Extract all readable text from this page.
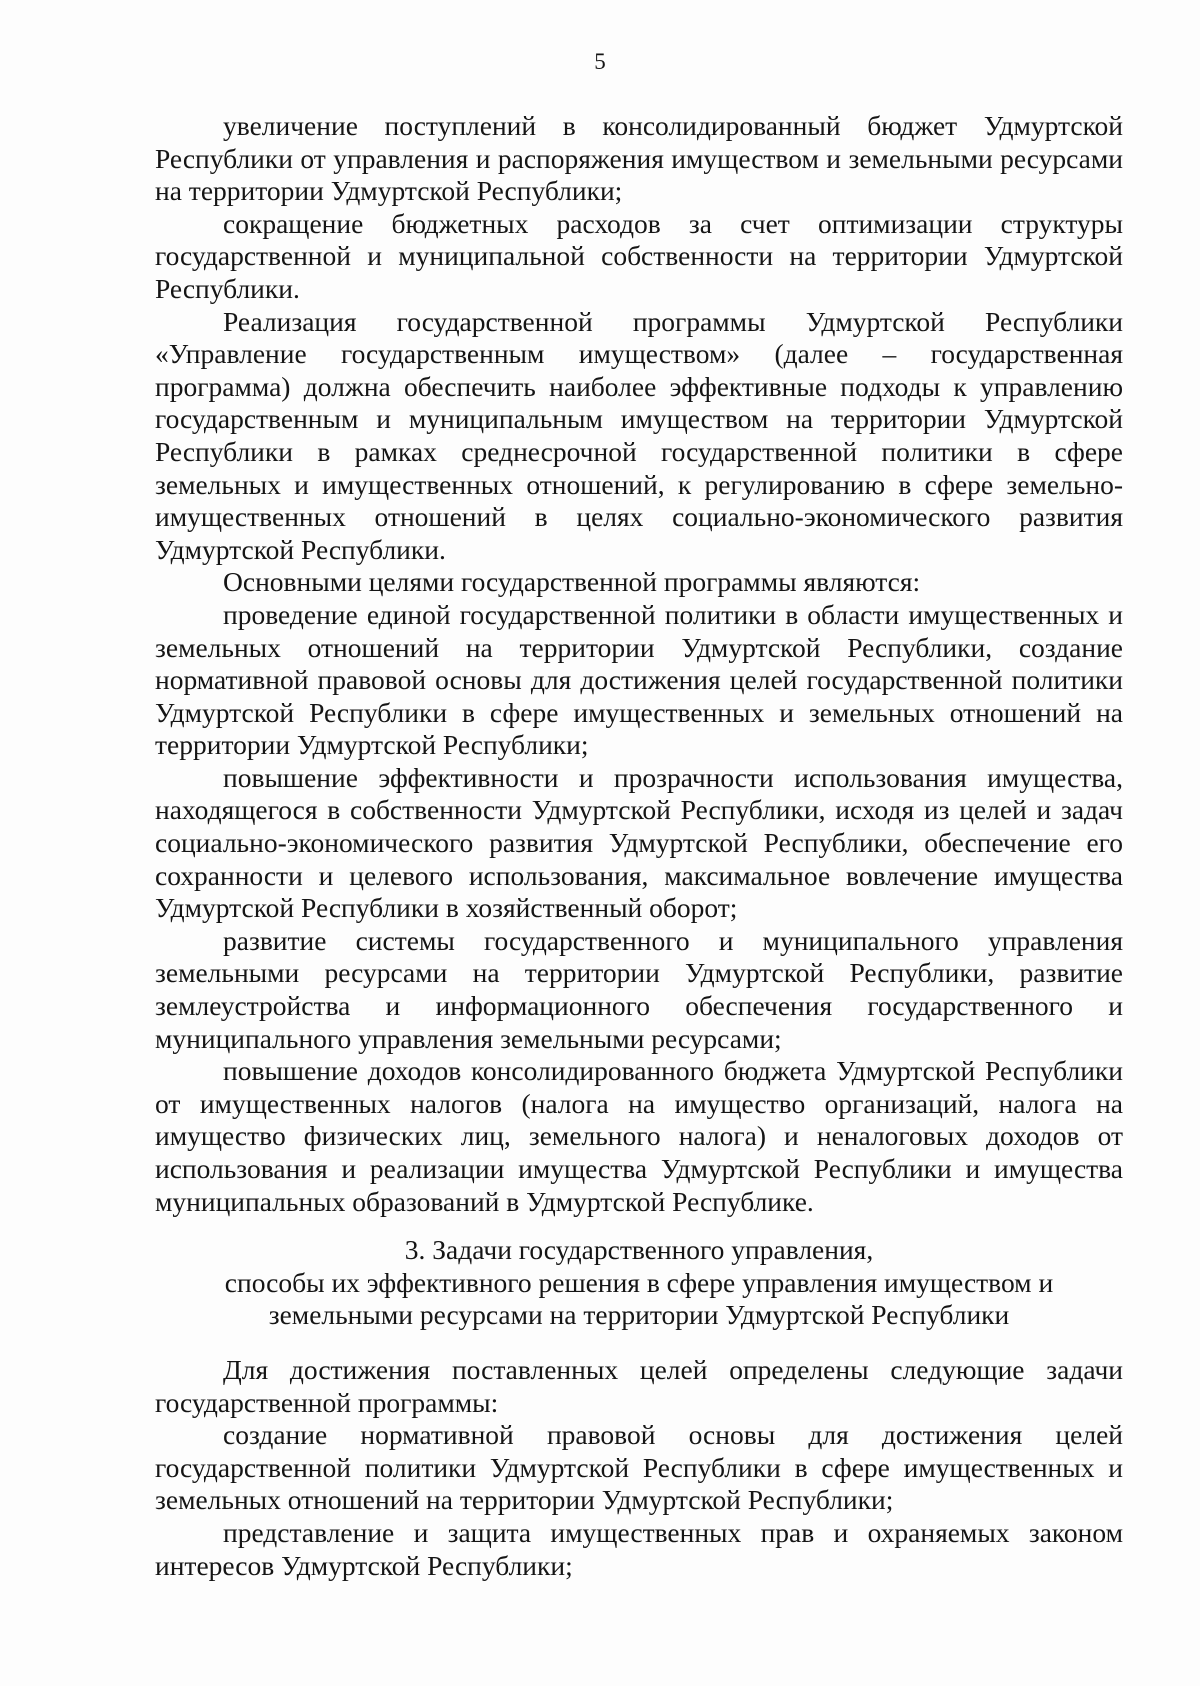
5

увеличение поступлений в консолидированный бюджет Удмуртской Республики от управления и распоряжения имуществом и земельными ресурсами на территории Удмуртской Республики;

сокращение бюджетных расходов за счет оптимизации структуры государственной и муниципальной собственности на территории Удмуртской Республики.

Реализация государственной программы Удмуртской Республики «Управление государственным имуществом» (далее – государственная программа) должна обеспечить наиболее эффективные подходы к управлению государственным и муниципальным имуществом на территории Удмуртской Республики в рамках среднесрочной государственной политики в сфере земельных и имущественных отношений, к регулированию в сфере земельно-имущественных отношений в целях социально-экономического развития Удмуртской Республики.

Основными целями государственной программы являются:

проведение единой государственной политики в области имущественных и земельных отношений на территории Удмуртской Республики, создание нормативной правовой основы для достижения целей государственной политики Удмуртской Республики в сфере имущественных и земельных отношений на территории Удмуртской Республики;

повышение эффективности и прозрачности использования имущества, находящегося в собственности Удмуртской Республики, исходя из целей и задач социально-экономического развития Удмуртской Республики, обеспечение его сохранности и целевого использования, максимальное вовлечение имущества Удмуртской Республики в хозяйственный оборот;

развитие системы государственного и муниципального управления земельными ресурсами на территории Удмуртской Республики, развитие землеустройства и информационного обеспечения государственного и муниципального управления земельными ресурсами;

повышение доходов консолидированного бюджета Удмуртской Республики от имущественных налогов (налога на имущество организаций, налога на имущество физических лиц, земельного налога) и неналоговых доходов от использования и реализации имущества Удмуртской Республики и имущества муниципальных образований в Удмуртской Республике.

3. Задачи государственного управления,

способы их эффективного решения в сфере управления имуществом и

земельными ресурсами на территории Удмуртской Республики

Для достижения поставленных целей определены следующие задачи государственной программы:

создание нормативной правовой основы для достижения целей государственной политики Удмуртской Республики в сфере имущественных и земельных отношений на территории Удмуртской Республики;

представление и защита имущественных прав и охраняемых законом интересов Удмуртской Республики;
